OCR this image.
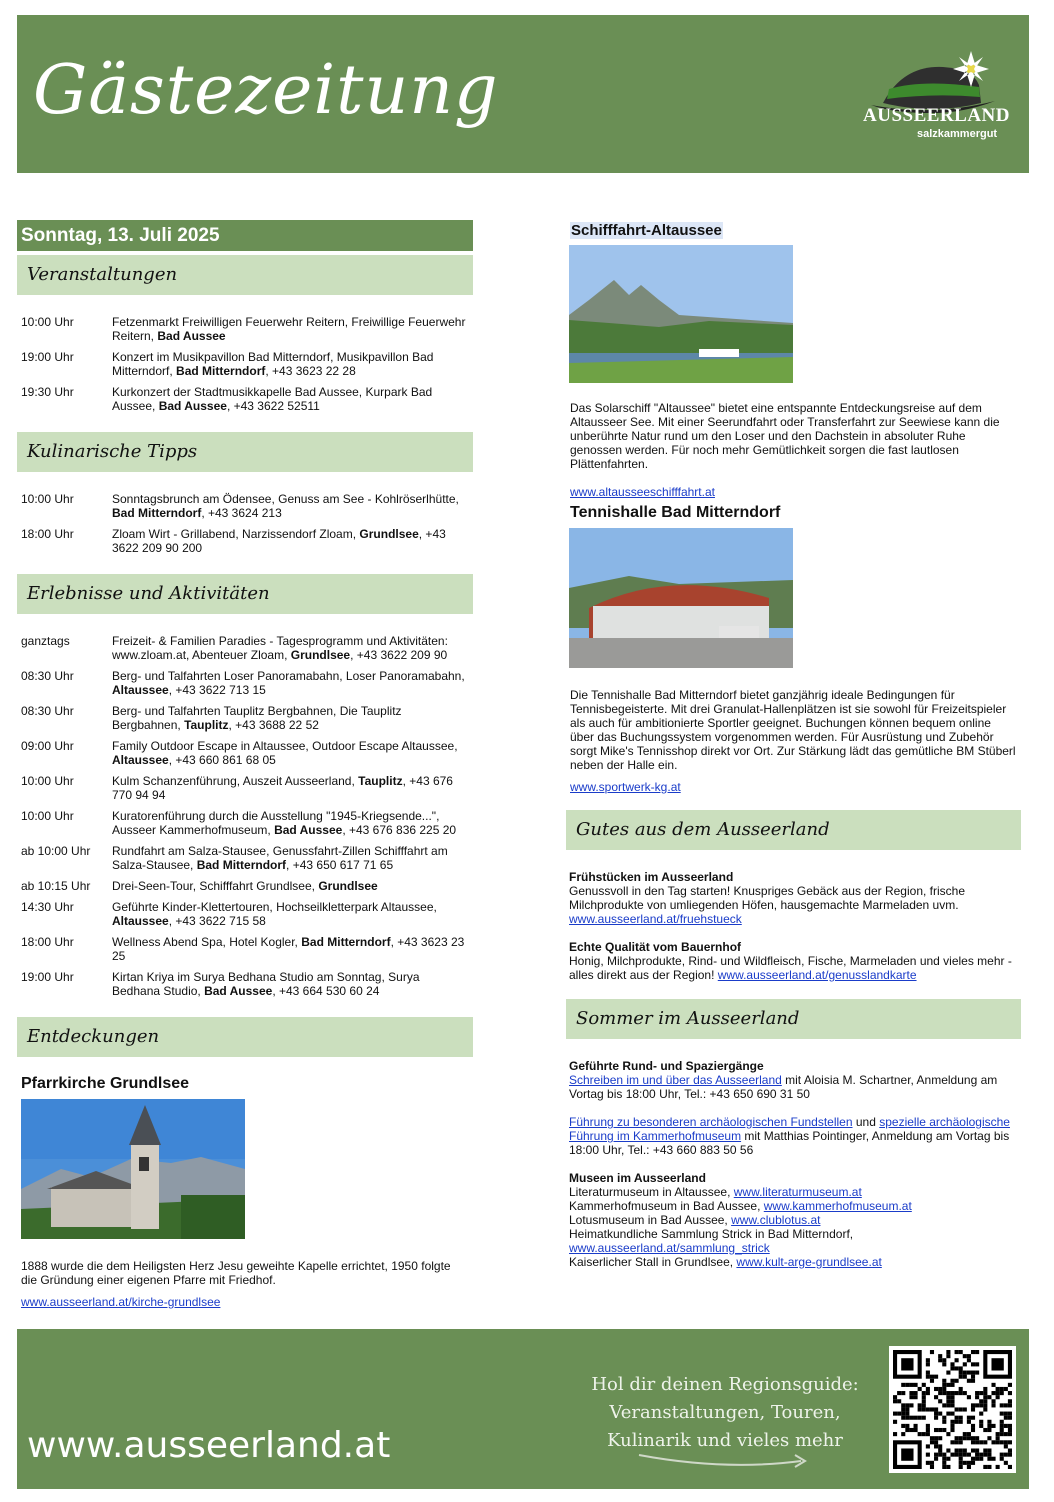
Gästezeitung	AUSSEERLAND
salzkammergut
Sonntag, 13. Juli 2025
Veranstaltungen
10:00 Uhr	Fetzenmarkt Freiwilligen Feuerwehr Reitern, Freiwillige Feuerwehr Reitern, Bad Aussee
19:00 Uhr	Konzert im Musikpavillon Bad Mitterndorf, Musikpavillon Bad Mitterndorf, Bad Mitterndorf, +43 3623 22 28
19:30 Uhr	Kurkonzert der Stadtmusikkapelle Bad Aussee, Kurpark Bad Aussee, Bad Aussee, +43 3622 52511
Kulinarische Tipps
10:00 Uhr	Sonntagsbrunch am Ödensee, Genuss am See - Kohlröserlhütte, Bad Mitterndorf, +43 3624 213
18:00 Uhr	Zloam Wirt - Grillabend, Narzissendorf Zloam, Grundlsee, +43 3622 209 90 200
Erlebnisse und Aktivitäten
ganztags	Freizeit- & Familien Paradies - Tagesprogramm und Aktivitäten: www.zloam.at, Abenteuer Zloam, Grundlsee, +43 3622 209 90
08:30 Uhr	Berg- und Talfahrten Loser Panoramabahn, Loser Panoramabahn, Altaussee, +43 3622 713 15
08:30 Uhr	Berg- und Talfahrten Tauplitz Bergbahnen, Die Tauplitz Bergbahnen, Tauplitz, +43 3688 22 52
09:00 Uhr	Family Outdoor Escape in Altaussee, Outdoor Escape Altaussee, Altaussee, +43 660 861 68 05
10:00 Uhr	Kulm Schanzenführung, Auszeit Ausseerland, Tauplitz, +43 676 770 94 94
10:00 Uhr	Kuratorenführung durch die Ausstellung "1945-Kriegsende...", Ausseer Kammerhofmuseum, Bad Aussee, +43 676 836 225 20
ab 10:00 Uhr	Rundfahrt am Salza-Stausee, Genussfahrt-Zillen Schifffahrt am Salza-Stausee, Bad Mitterndorf, +43 650 617 71 65
ab 10:15 Uhr	Drei-Seen-Tour, Schifffahrt Grundlsee, Grundlsee
14:30 Uhr	Geführte Kinder-Klettertouren, Hochseilkletterpark Altaussee, Altaussee, +43 3622 715 58
18:00 Uhr	Wellness Abend Spa, Hotel Kogler, Bad Mitterndorf, +43 3623 23 25
19:00 Uhr	Kirtan Kriya im Surya Bedhana Studio am Sonntag, Surya Bedhana Studio, Bad Aussee, +43 664 530 60 24
Entdeckungen
Pfarrkirche Grundlsee
1888 wurde die dem Heiligsten Herz Jesu geweihte Kapelle errichtet, 1950 folgte die Gründung einer eigenen Pfarre mit Friedhof.
www.ausseerland.at/kirche-grundlsee
Schifffahrt-Altaussee
Das Solarschiff "Altaussee" bietet eine entspannte Entdeckungsreise auf dem Altausseer See. Mit einer Seerundfahrt oder Transferfahrt zur Seewiese kann die unberührte Natur rund um den Loser und den Dachstein in absoluter Ruhe genossen werden. Für noch mehr Gemütlichkeit sorgen die fast lautlosen Plättenfahrten.
www.altausseeschifffahrt.at
Tennishalle Bad Mitterndorf
Die Tennishalle Bad Mitterndorf bietet ganzjährig ideale Bedingungen für Tennisbegeisterte. Mit drei Granulat-Hallenplätzen ist sie sowohl für Freizeitspieler als auch für ambitionierte Sportler geeignet. Buchungen können bequem online über das Buchungssystem vorgenommen werden. Für Ausrüstung und Zubehör sorgt Mike's Tennisshop direkt vor Ort. Zur Stärkung lädt das gemütliche BM Stüberl neben der Halle ein.
www.sportwerk-kg.at
Gutes aus dem Ausseerland
Frühstücken im Ausseerland
Genussvoll in den Tag starten! Knuspriges Gebäck aus der Region, frische Milchprodukte von umliegenden Höfen, hausgemachte Marmeladen uvm.
www.ausseerland.at/fruehstueck
Echte Qualität vom Bauernhof
Honig, Milchprodukte, Rind- und Wildfleisch, Fische, Marmeladen und vieles mehr - alles direkt aus der Region! www.ausseerland.at/genusslandkarte
Sommer im Ausseerland
Geführte Rund- und Spaziergänge
Schreiben im und über das Ausseerland mit Aloisia M. Schartner, Anmeldung am Vortag bis 18:00 Uhr, Tel.: +43 650 690 31 50
Führung zu besonderen archäologischen Fundstellen und spezielle archäologische Führung im Kammerhofmuseum mit Matthias Pointinger, Anmeldung am Vortag bis 18:00 Uhr, Tel.: +43 660 883 50 56
Museen im Ausseerland
Literaturmuseum in Altaussee, www.literaturmuseum.at
Kammerhofmuseum in Bad Aussee, www.kammerhofmuseum.at
Lotusmuseum in Bad Aussee, www.clublotus.at
Heimatkundliche Sammlung Strick in Bad Mitterndorf,
www.ausseerland.at/sammlung_strick
Kaiserlicher Stall in Grundlsee, www.kult-arge-grundlsee.at
www.ausseerland.at
Hol dir deinen Regionsguide:
Veranstaltungen, Touren,
Kulinarik und vieles mehr
